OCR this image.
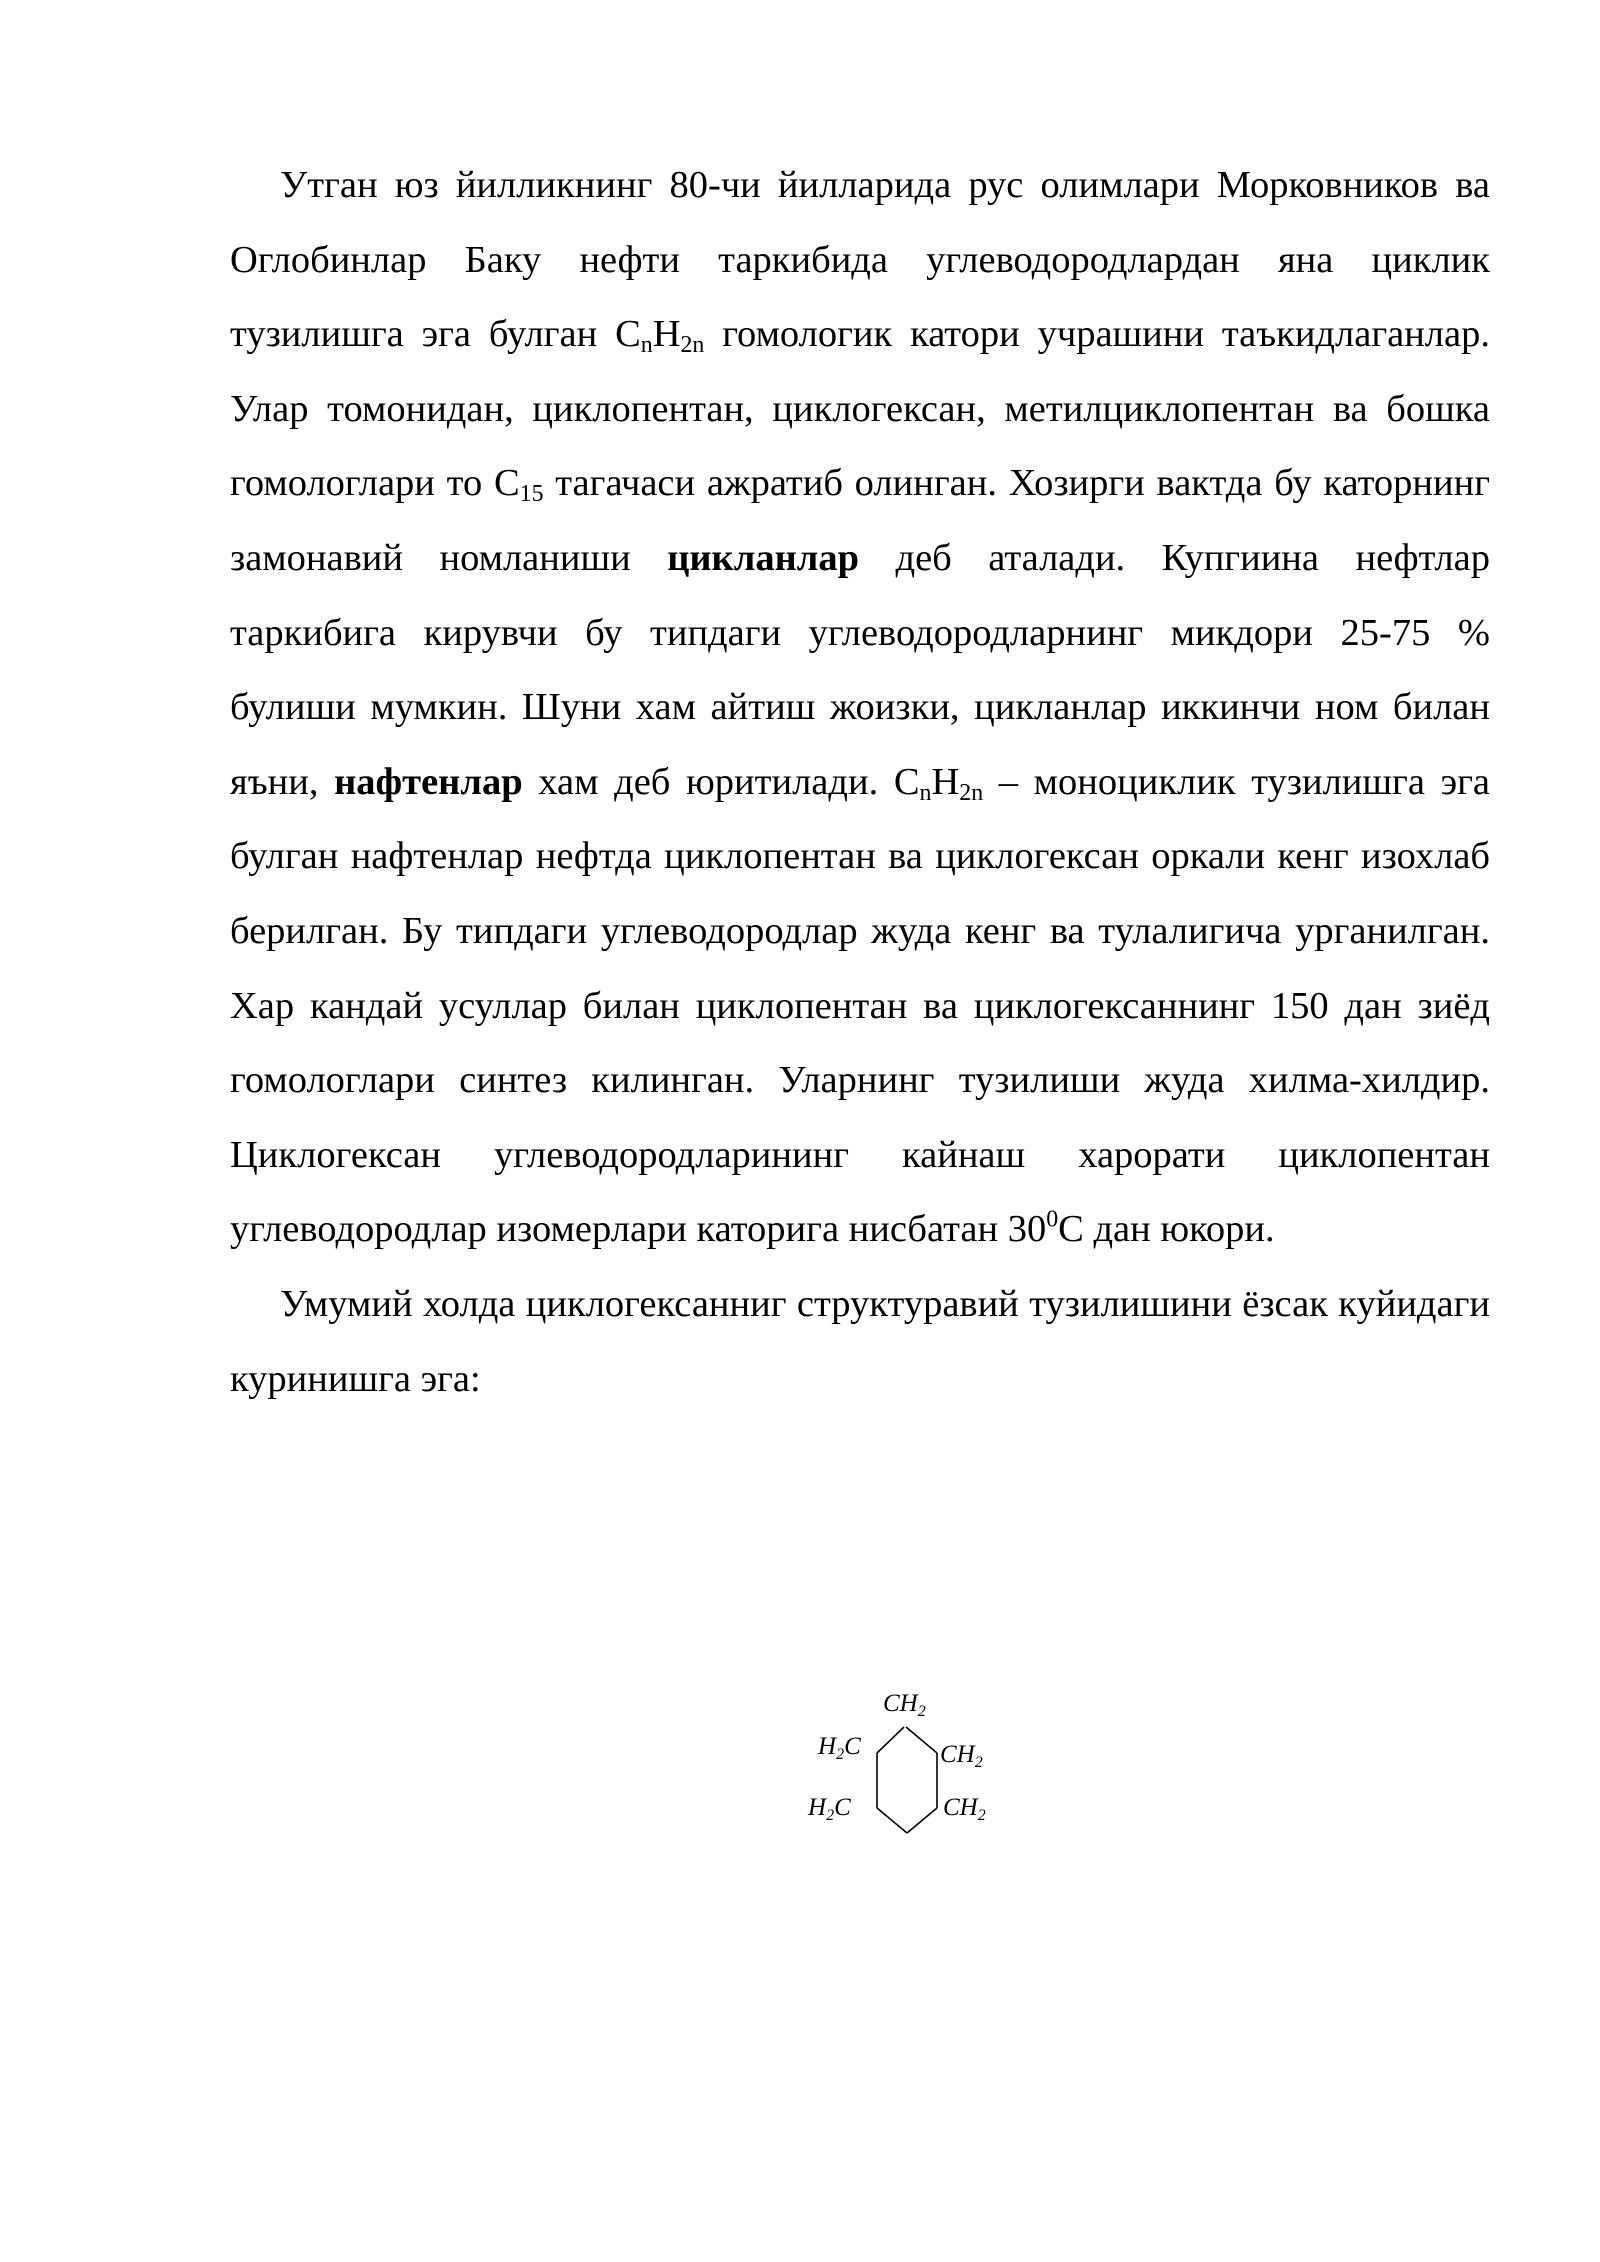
Утган юз йилликнинг 80-чи йилларида рус олимлари Морковников ва Оглобинлар Баку нефти таркибида углеводородлардан яна циклик тузилишга эга булган $C_nH_{2n}$ гомологик катори учрашини таъкидлаганлар. Улар томонидан, циклопентан, циклогексан, метилциклопентан ва бошка гомологлари то $C_{15}$ тагачаси ажратиб олинган. Хозирги вактда бу каторнинг замонавий номланиши цикланлар деб аталади. Купгиина нефтлар таркибига кирувчи бу типдаги углеводородларнинг микдори 25-75 % булиши мумкин. Шуни хам айтиш жоизки, цикланлар иккинчи ном билан яъни, нафтенлар хам деб юритилади. $C_nH_{2n}$ – моноциклик тузилишга эга булган нафтенлар нефтда циклопентан ва циклогексан оркали кенг изохлаб берилган. Бу типдаги углеводородлар жуда кенг ва тулалигича урганилган. Хар кандай усуллар билан циклопентан ва циклогексаннинг 150 дан зиёд гомологлари синтез килинган. Уларнинг тузилиши жуда хилма-хилдир. Циклогексан углеводородларининг кайнаш харорати циклопентан углеводородлар изомерлари каторига нисбатан $30^0C$ дан юкори.

Умумий холда циклогексанниг структуравий тузилишини ёзсак куйидаги куринишга эга:

$CH_2$
$H_2C$	$CH_2$
$H_2C$	$CH_2$
